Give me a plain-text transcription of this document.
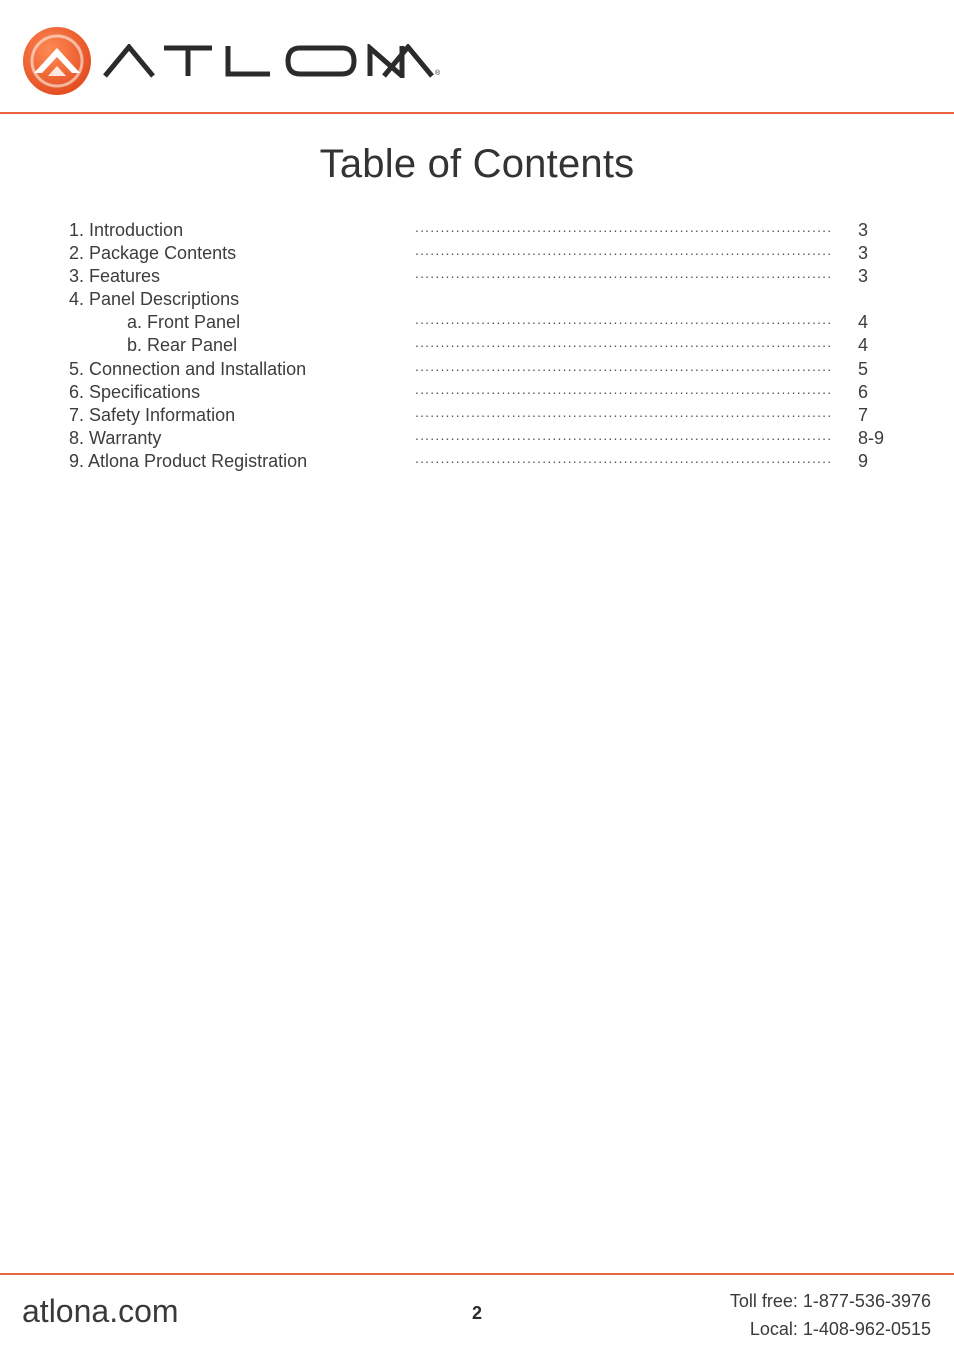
®
Table of Contents
1. Introduction	..................................................................................	3
2. Package Contents	..................................................................................	3
3. Features	..................................................................................	3
4. Panel Descriptions
a. Front Panel	..................................................................................	4
b. Rear Panel	..................................................................................	4
5. Connection and Installation	..................................................................................	5
6. Specifications	..................................................................................	6
7. Safety Information	..................................................................................	7
8. Warranty	..................................................................................	8-9
9. Atlona Product Registration	..................................................................................	9
atlona.com	2
Toll free: 1-877-536-3976
Local: 1-408-962-0515
